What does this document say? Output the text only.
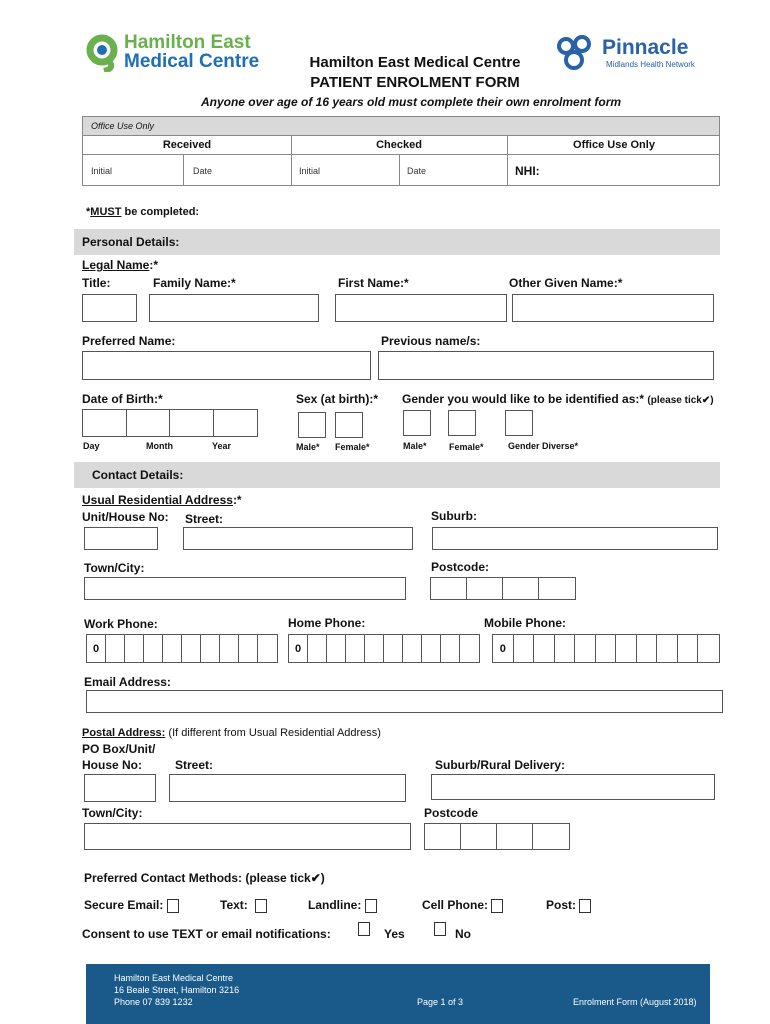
Hamilton East
Medical Centre	Hamilton East Medical Centre
PATIENT ENROLMENT FORM
Pinnacle
Midlands Health Network
Anyone over age of 16 years old must complete their own enrolment form
Office Use Only
Received	Checked	Office Use Only
Initial	Date	Initial	Date	NHI:
*MUST be completed:
Personal Details:
Legal Name:*
Title:	Family Name:*	First Name:*	Other Given Name:*
Preferred Name:	Previous name/s:
Date of Birth:*	Sex (at birth):* Gender you would like to be identified as:* (please tick✔)
Day	Month	Year	Male* Female*	Male* Female*	Gender Diverse*
Contact Details:
Usual Residential Address:*
Unit/House No: Street:	Suburb:
Town/City:	Postcode:
Work Phone:	Home Phone:	Mobile Phone:
0	0	0
Email Address:
Postal Address: (If different from Usual Residential Address)
PO Box/Unit/
House No:	Street:	Suburb/Rural Delivery:
Town/City:	Postcode
Preferred Contact Methods: (please tick✔)
Secure Email:	Text:	Landline:	Cell Phone:	Post:
Consent to use TEXT or email notifications:	Yes	No
Hamilton East Medical Centre
16 Beale Street, Hamilton 3216
Phone 07 839 1232	Page 1 of 3	Enrolment Form (August 2018)
